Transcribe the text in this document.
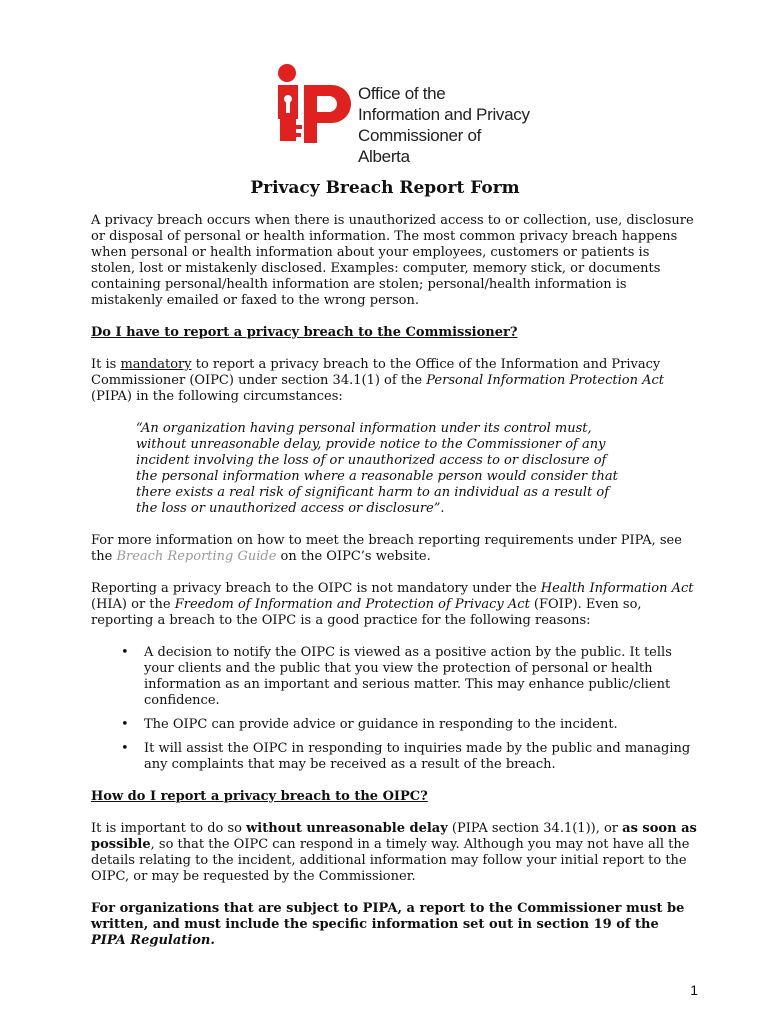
Office of the
Information and Privacy
Commissioner of Alberta
Privacy Breach Report Form

A privacy breach occurs when there is unauthorized access to or collection, use, disclosure or disposal of personal or health information. The most common privacy breach happens when personal or health information about your employees, customers or patients is stolen, lost or mistakenly disclosed. Examples: computer, memory stick, or documents containing personal/health information are stolen; personal/health information is mistakenly emailed or faxed to the wrong person.

Do I have to report a privacy breach to the Commissioner?

It is mandatory to report a privacy breach to the Office of the Information and Privacy Commissioner (OIPC) under section 34.1(1) of the Personal Information Protection Act (PIPA) in the following circumstances:

“An organization having personal information under its control must, without unreasonable delay, provide notice to the Commissioner of any incident involving the loss of or unauthorized access to or disclosure of the personal information where a reasonable person would consider that there exists a real risk of significant harm to an individual as a result of the loss or unauthorized access or disclosure”.

For more information on how to meet the breach reporting requirements under PIPA, see the Breach Reporting Guide on the OIPC’s website.

Reporting a privacy breach to the OIPC is not mandatory under the Health Information Act (HIA) or the Freedom of Information and Protection of Privacy Act (FOIP). Even so, reporting a breach to the OIPC is a good practice for the following reasons:

• A decision to notify the OIPC is viewed as a positive action by the public. It tells your clients and the public that you view the protection of personal or health information as an important and serious matter. This may enhance public/client confidence.
• The OIPC can provide advice or guidance in responding to the incident.
• It will assist the OIPC in responding to inquiries made by the public and managing any complaints that may be received as a result of the breach.

How do I report a privacy breach to the OIPC?

It is important to do so without unreasonable delay (PIPA section 34.1(1)), or as soon as possible, so that the OIPC can respond in a timely way. Although you may not have all the details relating to the incident, additional information may follow your initial report to the OIPC, or may be requested by the Commissioner.

For organizations that are subject to PIPA, a report to the Commissioner must be written, and must include the specific information set out in section 19 of the PIPA Regulation.

1
